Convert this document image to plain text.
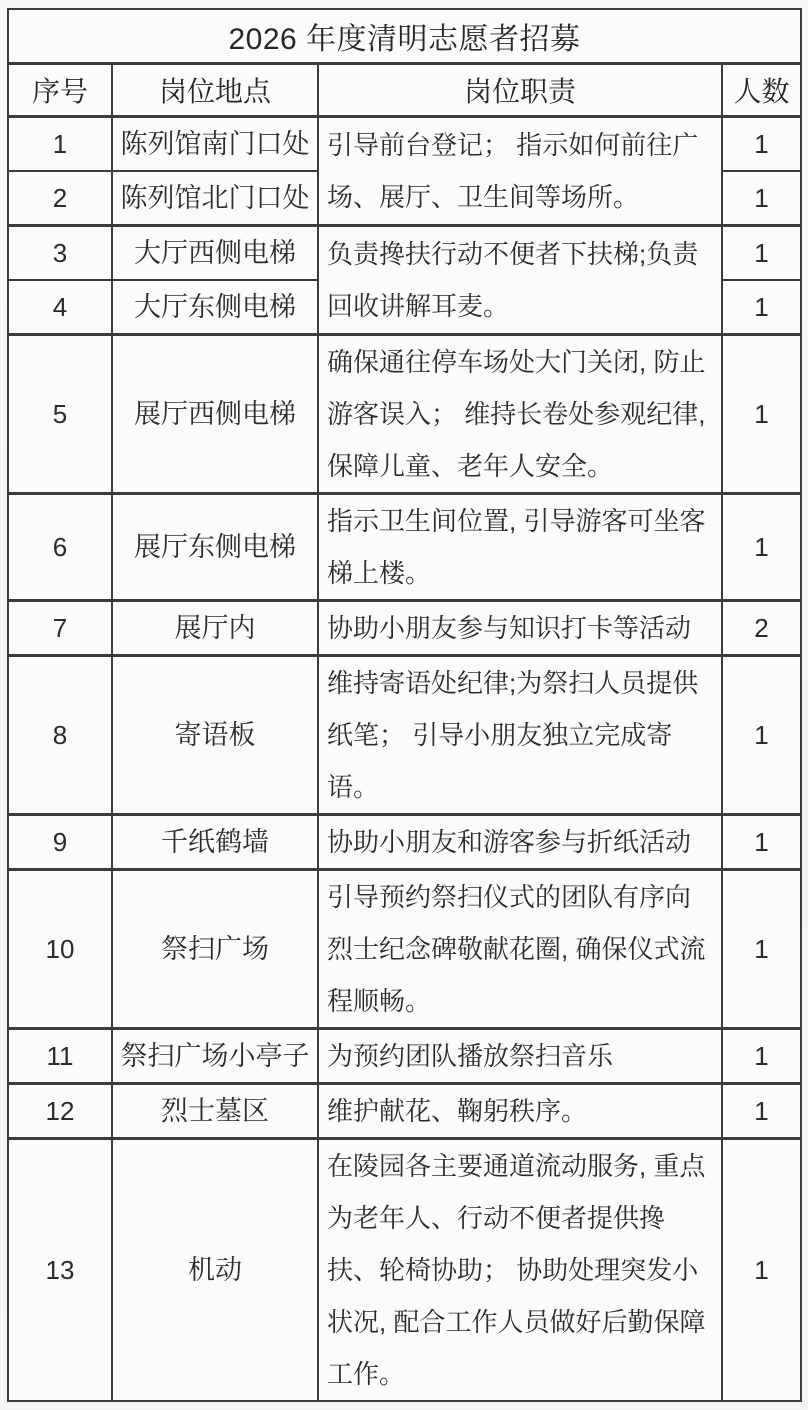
2026 年度清明志愿者招募			
序号	岗位地点	岗位职责	人数
1	陈列馆南门口处	引导前台登记； 指示如何前往广场、展厅、卫生间等场所。	1
2	陈列馆北门口处		1
3	大厅西侧电梯	负责搀扶行动不便者下扶梯;负责回收讲解耳麦。	1
4	大厅东侧电梯		1
5	展厅西侧电梯	确保通往停车场处大门关闭, 防止游客误入； 维持长卷处参观纪律, 保障儿童、老年人安全。	1
6	展厅东侧电梯	指示卫生间位置, 引导游客可坐客梯上楼。	1
7	展厅内	协助小朋友参与知识打卡等活动	2
8	寄语板	维持寄语处纪律;为祭扫人员提供纸笔； 引导小朋友独立完成寄语。	1
9	千纸鹤墙	协助小朋友和游客参与折纸活动	1
10	祭扫广场	引导预约祭扫仪式的团队有序向烈士纪念碑敬献花圈, 确保仪式流程顺畅。	1
11	祭扫广场小亭子	为预约团队播放祭扫音乐	1
12	烈士墓区	维护献花、鞠躬秩序。	1
13	机动	在陵园各主要通道流动服务, 重点为老年人、行动不便者提供搀扶、轮椅协助； 协助处理突发小状况, 配合工作人员做好后勤保障工作。	1
